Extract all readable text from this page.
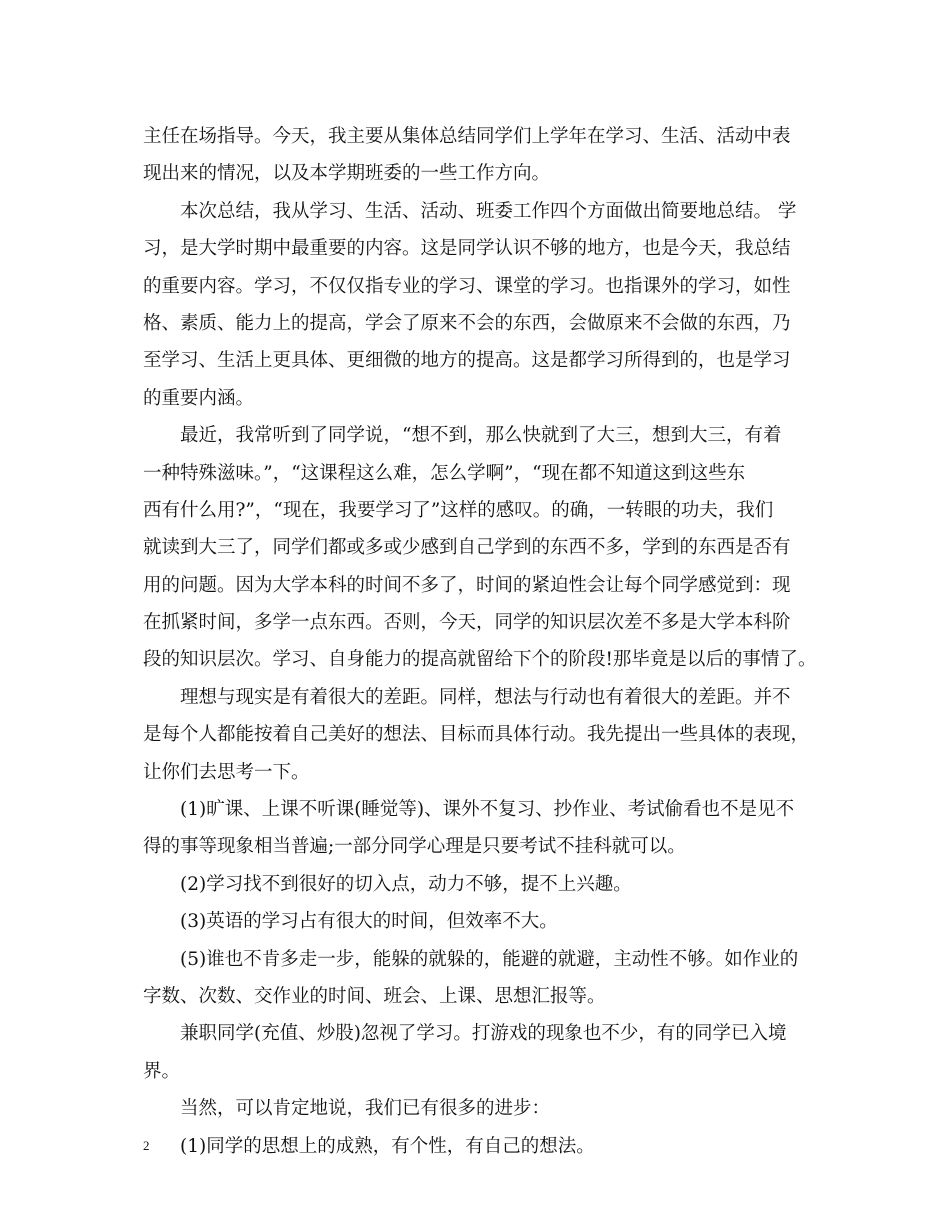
主任在场指导。今天，我主要从集体总结同学们上学年在学习、生活、活动中表
现出来的情况，以及本学期班委的一些工作方向。
本次总结，我从学习、生活、活动、班委工作四个方面做出简要地总结。 学
习，是大学时期中最重要的内容。这是同学认识不够的地方，也是今天，我总结
的重要内容。学习，不仅仅指专业的学习、课堂的学习。也指课外的学习，如性
格、素质、能力上的提高，学会了原来不会的东西，会做原来不会做的东西，乃
至学习、生活上更具体、更细微的地方的提高。这是都学习所得到的，也是学习
的重要内涵。
最近，我常听到了同学说，“想不到，那么快就到了大三，想到大三，有着
一种特殊滋味。”，“这课程这么难，怎么学啊”，“现在都不知道这到这些东
西有什么用?”，“现在，我要学习了”这样的感叹。的确，一转眼的功夫，我们
就读到大三了，同学们都或多或少感到自己学到的东西不多，学到的东西是否有
用的问题。因为大学本科的时间不多了，时间的紧迫性会让每个同学感觉到：现
在抓紧时间，多学一点东西。否则，今天，同学的知识层次差不多是大学本科阶
段的知识层次。学习、自身能力的提高就留给下个的阶段!那毕竟是以后的事情了。
理想与现实是有着很大的差距。同样，想法与行动也有着很大的差距。并不
是每个人都能按着自己美好的想法、目标而具体行动。我先提出一些具体的表现，
让你们去思考一下。
(1)旷课、上课不听课(睡觉等)、课外不复习、抄作业、考试偷看也不是见不
得的事等现象相当普遍;一部分同学心理是只要考试不挂科就可以。
(2)学习找不到很好的切入点，动力不够，提不上兴趣。
(3)英语的学习占有很大的时间，但效率不大。
(5)谁也不肯多走一步，能躲的就躲的，能避的就避，主动性不够。如作业的
字数、次数、交作业的时间、班会、上课、思想汇报等。
兼职同学(充值、炒股)忽视了学习。打游戏的现象也不少，有的同学已入境
界。
当然，可以肯定地说，我们已有很多的进步：
(1)同学的思想上的成熟，有个性，有自己的想法。
2
